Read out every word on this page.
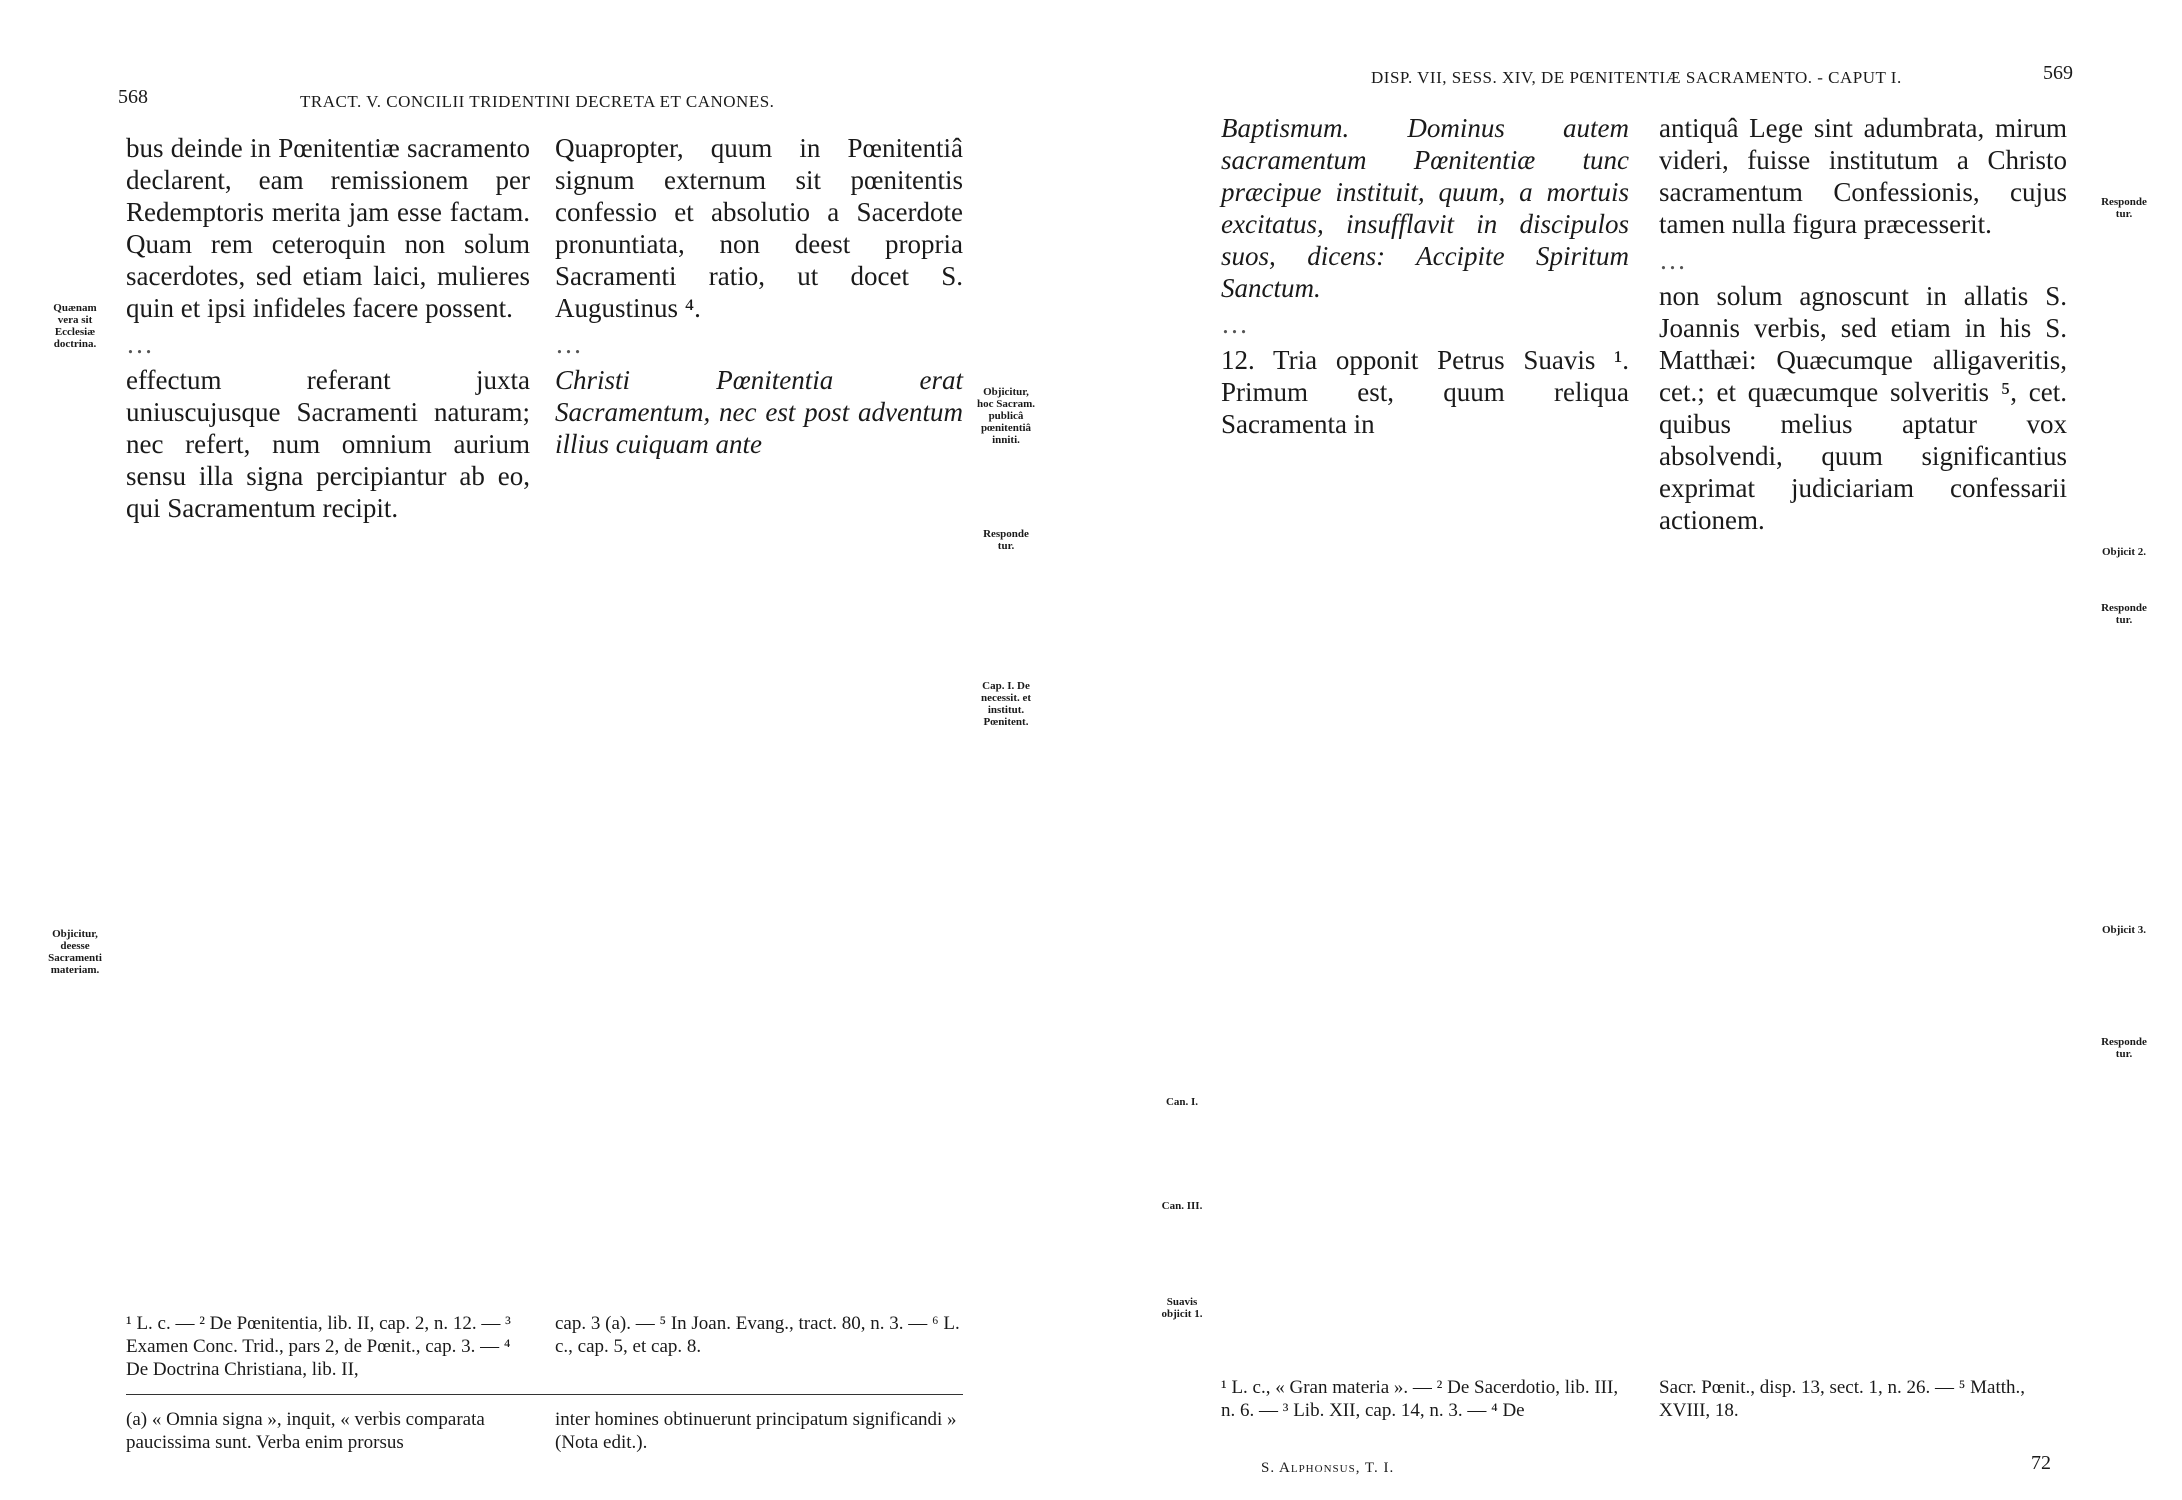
568	TRACT. V. CONCILII TRIDENTINI DECRETA ET CANONES.

bus deinde in Pœnitentiæ sacramento declarent, eam remissionem per Redemptoris merita jam esse factam. Quam rem ceteroquin non solum sacerdotes, sed etiam laici, mulieres quin et ipsi infideles facere possent.

…

effectum referant juxta uniuscujusque Sacramenti naturam; nec refert, num omnium aurium sensu illa signa percipiantur ab eo, qui Sacramentum recipit.

Quapropter, quum in Pœnitentiâ signum externum sit pœnitentis confessio et absolutio a Sacerdote pronuntiata, non deest propria Sacramenti ratio, ut docet S. Augustinus ⁴.

…

Christi Pœnitentia erat Sacramentum, nec est post adventum illius cuiquam ante

Quænam vera sit Ecclesiæ doctrina.
Objicitur, deesse Sacramenti materiam.
Objicitur, hoc Sacram. publicâ pœnitentiâ inniti.
Responde tur.
Cap. I. De necessit. et institut. Pœnitent.
¹ L. c. — ² De Pœnitentia, lib. II, cap. 2, n. 12. — ³ Examen Conc. Trid., pars 2, de Pœnit., cap. 3. — ⁴ De Doctrina Christiana, lib. II,
cap. 3 (a). — ⁵ In Joan. Evang., tract. 80, n. 3. — ⁶ L. c., cap. 5, et cap. 8.
(a) « Omnia signa », inquit, « verbis comparata paucissima sunt. Verba enim prorsus
inter homines obtinuerunt principatum significandi » (Nota edit.).
DISP. VII, SESS. XIV, DE PŒNITENTIÆ SACRAMENTO. - CAPUT I.	569

Baptismum. Dominus autem sacramentum Pœnitentiæ tunc præcipue instituit, quum, a mortuis excitatus, insufflavit in discipulos suos, dicens: Accipite Spiritum Sanctum.

…

12. Tria opponit Petrus Suavis ¹. Primum est, quum reliqua Sacramenta in

antiquâ Lege sint adumbrata, mirum videri, fuisse institutum a Christo sacramentum Confessionis, cujus tamen nulla figura præcesserit.

…

non solum agnoscunt in allatis S. Joannis verbis, sed etiam in his S. Matthæi: Quæcumque alligaveritis, cet.; et quæcumque solveritis ⁵, cet. quibus melius aptatur vox absolvendi, quum significantius exprimat judiciariam confessarii actionem.

Can. I.
Can. III.
Suavis objicit 1.
Responde tur.
Objicit 2.
Responde tur.
Objicit 3.
Responde tur.
¹ L. c., « Gran materia ». — ² De Sacerdotio, lib. III, n. 6. — ³ Lib. XII, cap. 14, n. 3. — ⁴ De
Sacr. Pœnit., disp. 13, sect. 1, n. 26. — ⁵ Matth., XVIII, 18.
S. Alphonsus, T. I.	72
